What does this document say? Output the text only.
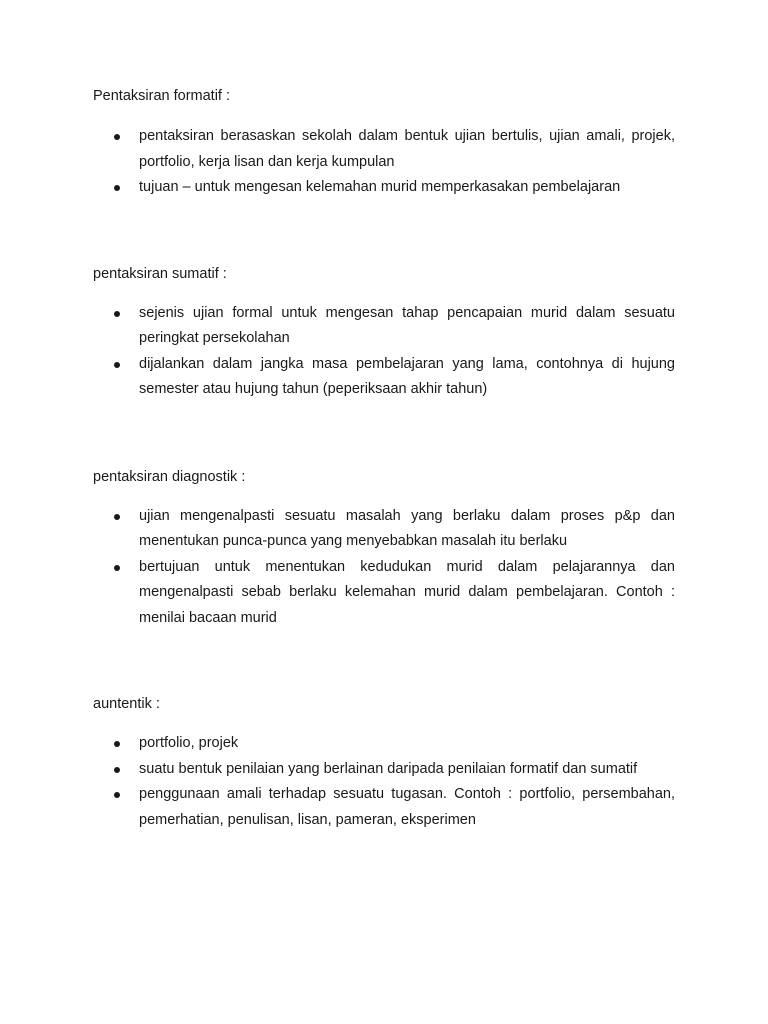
Pentaksiran formatif :

pentaksiran berasaskan sekolah dalam bentuk ujian bertulis, ujian amali, projek, portfolio, kerja lisan dan kerja kumpulan
tujuan – untuk mengesan kelemahan murid memperkasakan pembelajaran

pentaksiran sumatif :

sejenis ujian formal untuk mengesan tahap pencapaian murid dalam sesuatu peringkat persekolahan
dijalankan dalam jangka masa pembelajaran yang lama, contohnya di hujung semester atau hujung tahun (peperiksaan akhir tahun)

pentaksiran diagnostik :

ujian mengenalpasti sesuatu masalah yang berlaku dalam proses p&p dan menentukan punca-punca yang menyebabkan masalah itu berlaku
bertujuan untuk menentukan kedudukan murid dalam pelajarannya dan mengenalpasti sebab berlaku kelemahan murid dalam pembelajaran. Contoh : menilai bacaan murid

auntentik :

portfolio, projek
suatu bentuk penilaian yang berlainan daripada penilaian formatif dan sumatif
penggunaan amali terhadap sesuatu tugasan. Contoh : portfolio, persembahan, pemerhatian, penulisan, lisan, pameran, eksperimen
